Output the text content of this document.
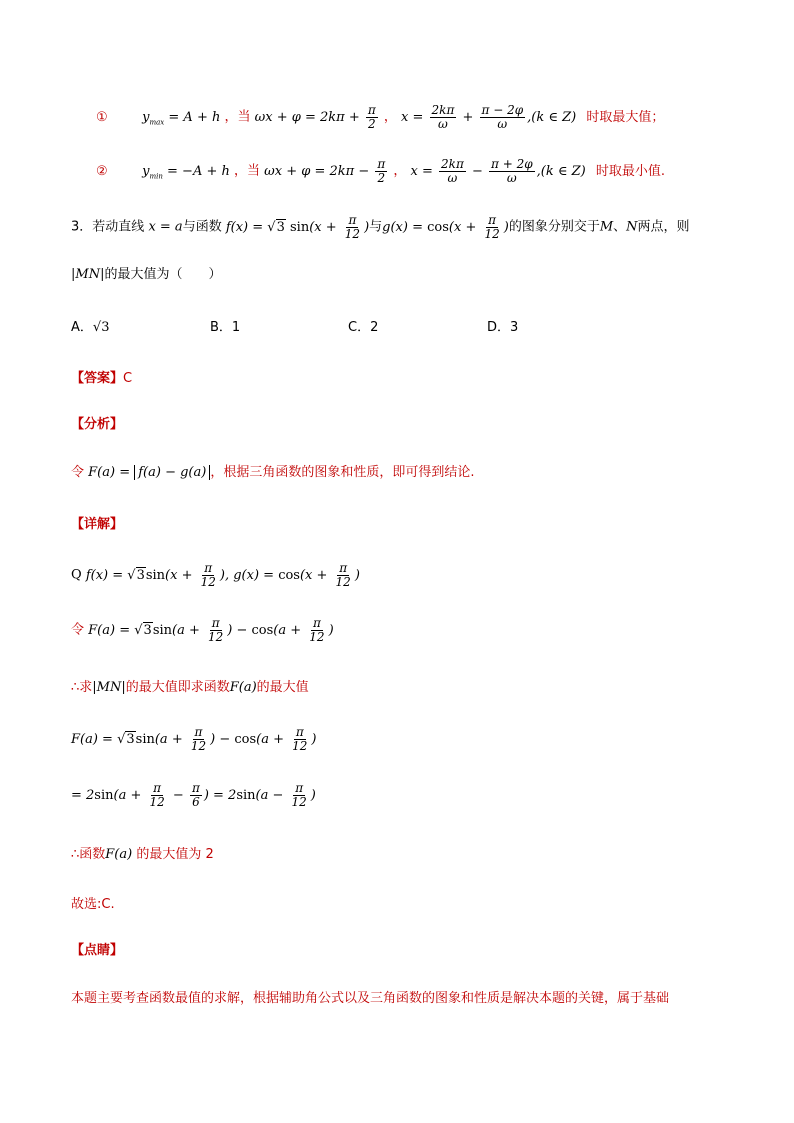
①	$y_{max} = A + h$ ，当 $\omega x + \varphi = 2k\pi + \frac{\pi}{2}$ ， $x = \frac{2k\pi}{\omega} + \frac{\pi - 2\varphi}{\omega} ,(k$ ∈ Z) 时取最大值；
②	$y_{min} = -A + h$ ，当 $\omega x + \varphi = 2k\pi - \frac{\pi}{2}$ ， $x = \frac{2k\pi}{\omega} - \frac{\pi + 2\varphi}{\omega} ,(k$ ∈ Z) 时取最小值.
3．若动直线 x = a与函数 f(x) = √3 $\sin(x + \frac{\pi}{12}$ )与$g(x) = \cos(x + \frac{\pi}{12}$ )的图象分别交于M、N两点，则
|MN|的最大值为（　　）
A．√3	B．1	C．2	D．3
【答案】C
【分析】
令 F(a) = f(a) − g(a) ，根据三角函数的图象和性质，即可得到结论.
【详解】
Q $f(x) = √3\sin(x + \frac{\pi}{12}$ ), $g(x) = \cos(x + \frac{\pi}{12}$ )
令 $F(a) = √3\sin(a + \frac{\pi}{12}$ ) − $\cos(a + \frac{\pi}{12}$ )
∴求|MN|的最大值即求函数F(a)的最大值
$F(a) = √3\sin(a + \frac{\pi}{12}$ ) − $\cos(a + \frac{\pi}{12}$ )
= $2\sin(a + \frac{\pi}{12} - \frac{\pi}{6}$ ) = $2\sin(a - \frac{\pi}{12}$ )
∴函数F(a) 的最大值为 2
故选:C.
【点睛】
本题主要考查函数最值的求解，根据辅助角公式以及三角函数的图象和性质是解决本题的关键，属于基础
